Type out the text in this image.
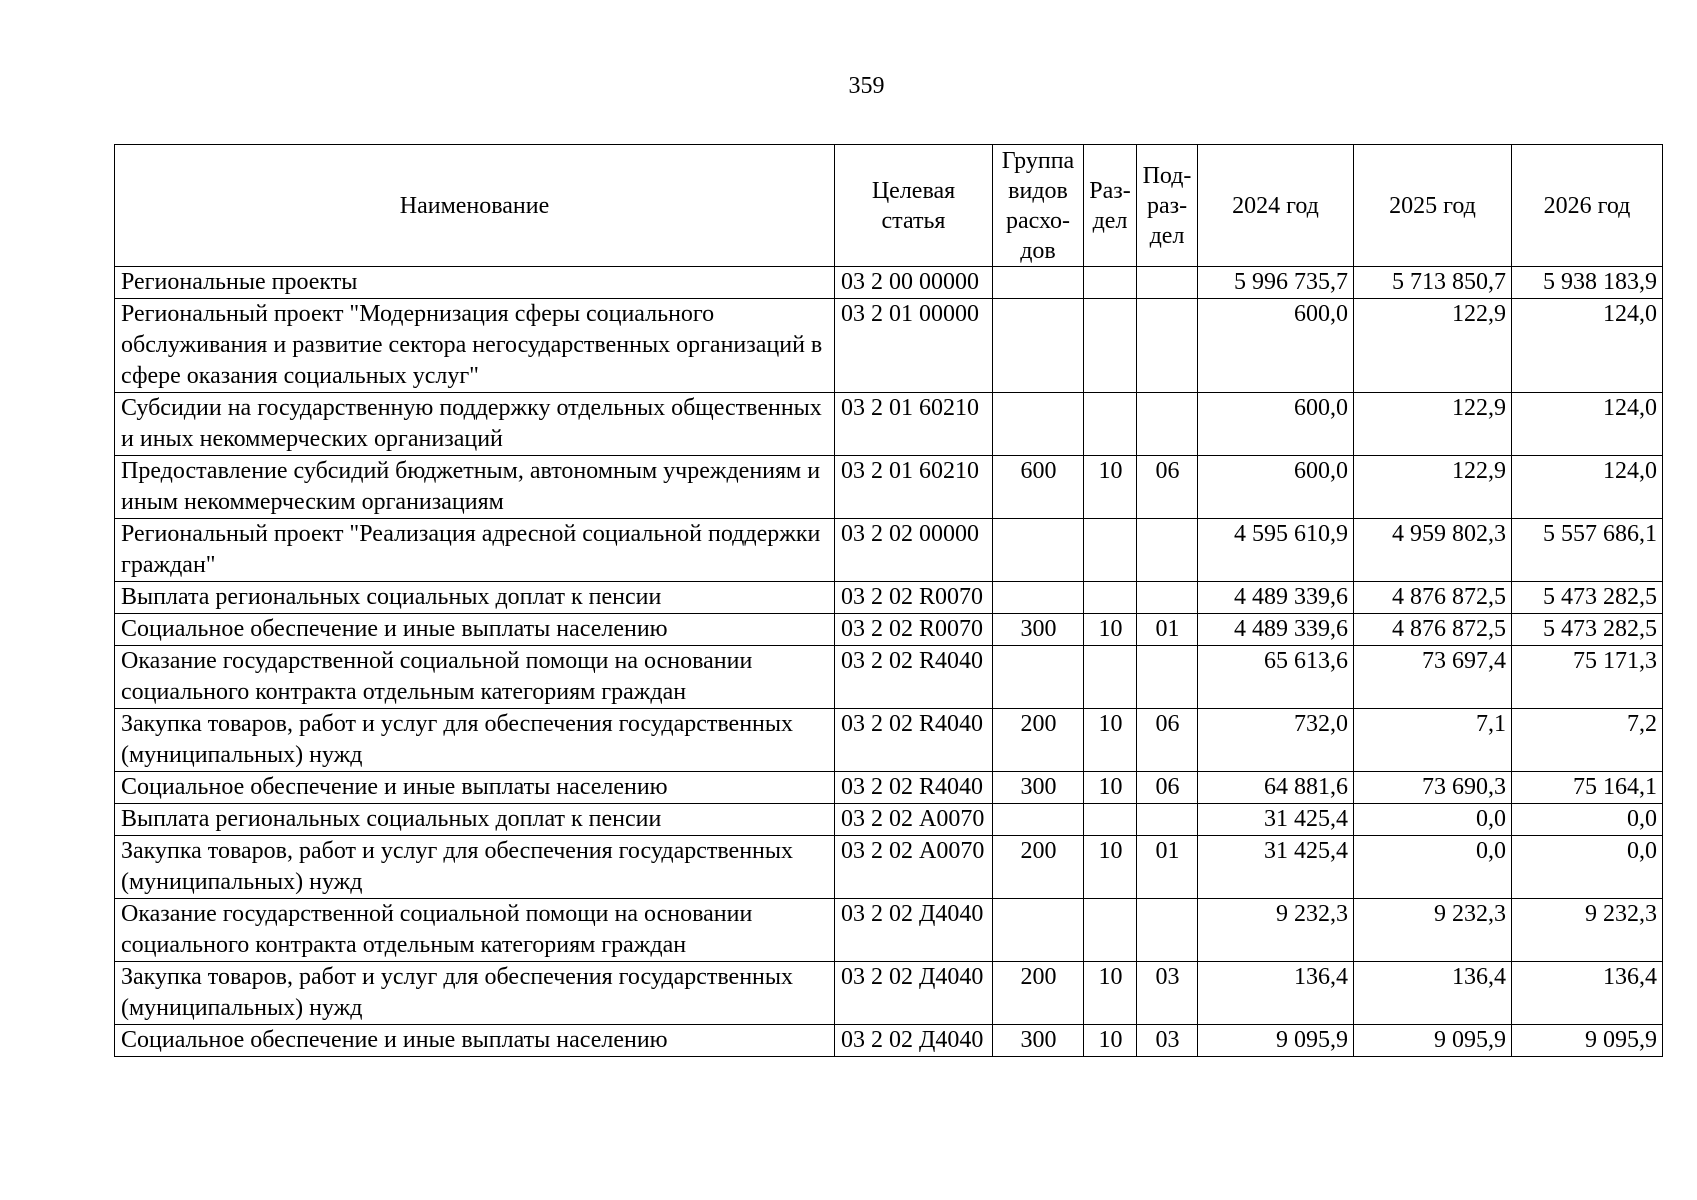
359
Наименование	Целевая статья	Группа видов расхо- дов	Раз- дел	Под- раз- дел	2024 год	2025 год	2026 год
Региональные проекты	03 2 00 00000				5 996 735,7	5 713 850,7	5 938 183,9
Региональный проект "Модернизация сферы социального обслуживания и развитие сектора негосударственных организаций в сфере оказания социальных услуг"	03 2 01 00000				600,0	122,9	124,0
Субсидии на государственную поддержку отдельных общественных и иных некоммерческих организаций	03 2 01 60210				600,0	122,9	124,0
Предоставление субсидий бюджетным, автономным учреждениям и иным некоммерческим организациям	03 2 01 60210	600	10	06	600,0	122,9	124,0
Региональный проект "Реализация адресной социальной поддержки граждан"	03 2 02 00000				4 595 610,9	4 959 802,3	5 557 686,1
Выплата региональных социальных доплат к пенсии	03 2 02 R0070				4 489 339,6	4 876 872,5	5 473 282,5
Социальное обеспечение и иные выплаты населению	03 2 02 R0070	300	10	01	4 489 339,6	4 876 872,5	5 473 282,5
Оказание государственной социальной помощи на основании социального контракта отдельным категориям граждан	03 2 02 R4040				65 613,6	73 697,4	75 171,3
Закупка товаров, работ и услуг для обеспечения государственных (муниципальных) нужд	03 2 02 R4040	200	10	06	732,0	7,1	7,2
Социальное обеспечение и иные выплаты населению	03 2 02 R4040	300	10	06	64 881,6	73 690,3	75 164,1
Выплата региональных социальных доплат к пенсии	03 2 02 А0070				31 425,4	0,0	0,0
Закупка товаров, работ и услуг для обеспечения государственных (муниципальных) нужд	03 2 02 А0070	200	10	01	31 425,4	0,0	0,0
Оказание государственной социальной помощи на основании социального контракта отдельным категориям граждан	03 2 02 Д4040				9 232,3	9 232,3	9 232,3
Закупка товаров, работ и услуг для обеспечения государственных (муниципальных) нужд	03 2 02 Д4040	200	10	03	136,4	136,4	136,4
Социальное обеспечение и иные выплаты населению	03 2 02 Д4040	300	10	03	9 095,9	9 095,9	9 095,9
